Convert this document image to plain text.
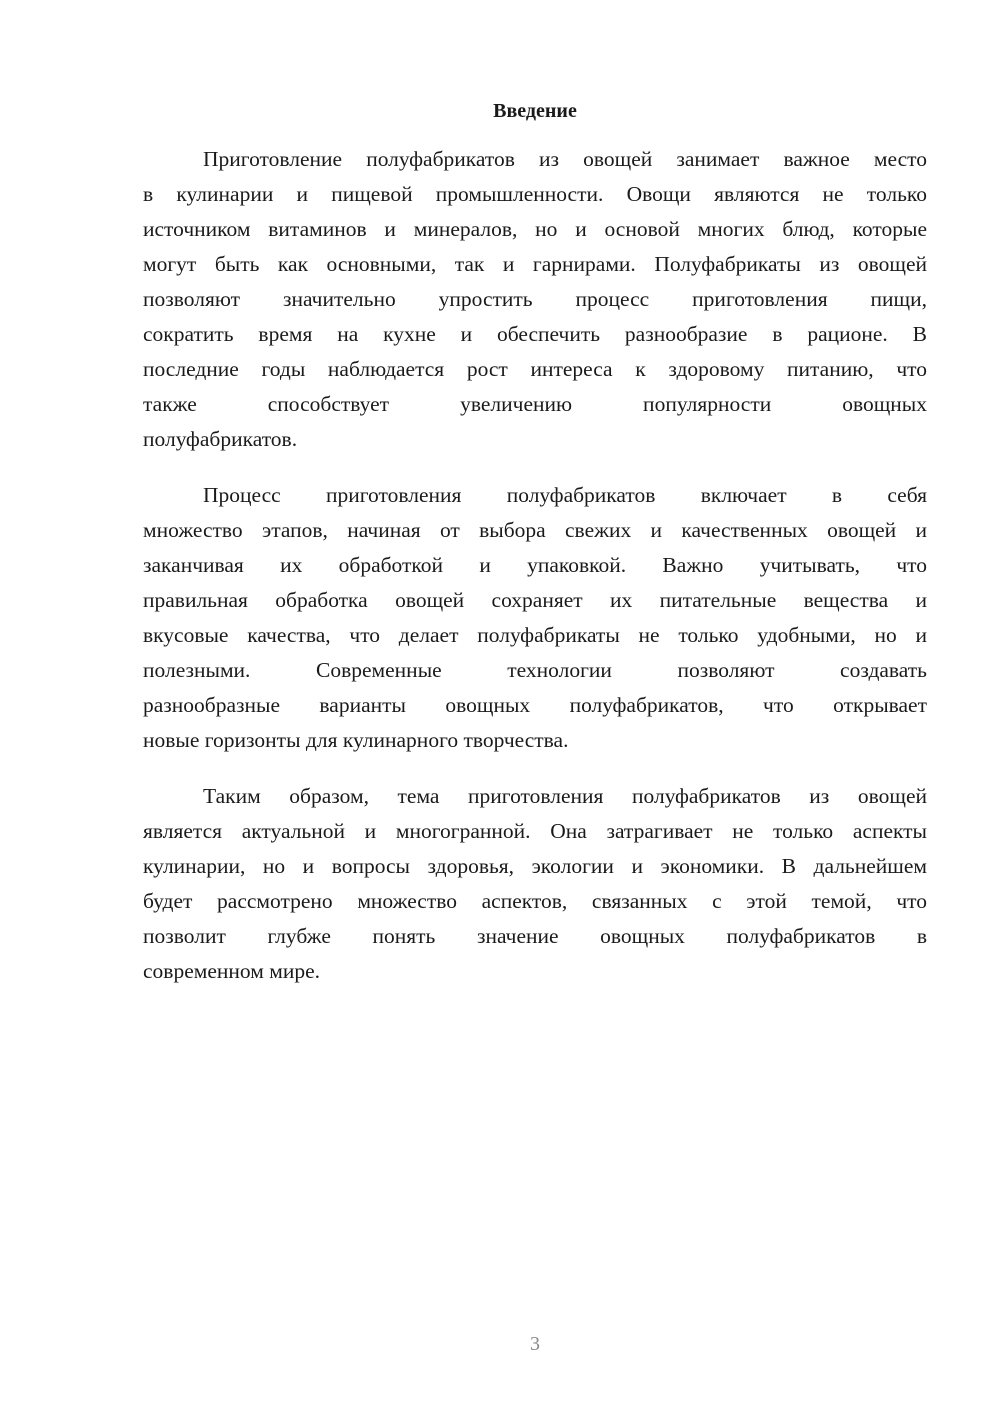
Введение
Приготовление полуфабрикатов из овощей занимает важное место
в кулинарии и пищевой промышленности. Овощи являются не только
источником витаминов и минералов, но и основой многих блюд, которые
могут быть как основными, так и гарнирами. Полуфабрикаты из овощей
позволяют значительно упростить процесс приготовления пищи,
сократить время на кухне и обеспечить разнообразие в рационе. В
последние годы наблюдается рост интереса к здоровому питанию, что
также способствует увеличению популярности овощных
полуфабрикатов.
Процесс приготовления полуфабрикатов включает в себя
множество этапов, начиная от выбора свежих и качественных овощей и
заканчивая их обработкой и упаковкой. Важно учитывать, что
правильная обработка овощей сохраняет их питательные вещества и
вкусовые качества, что делает полуфабрикаты не только удобными, но и
полезными. Современные технологии позволяют создавать
разнообразные варианты овощных полуфабрикатов, что открывает
новые горизонты для кулинарного творчества.
Таким образом, тема приготовления полуфабрикатов из овощей
является актуальной и многогранной. Она затрагивает не только аспекты
кулинарии, но и вопросы здоровья, экологии и экономики. В дальнейшем
будет рассмотрено множество аспектов, связанных с этой темой, что
позволит глубже понять значение овощных полуфабрикатов в
современном мире.
3
